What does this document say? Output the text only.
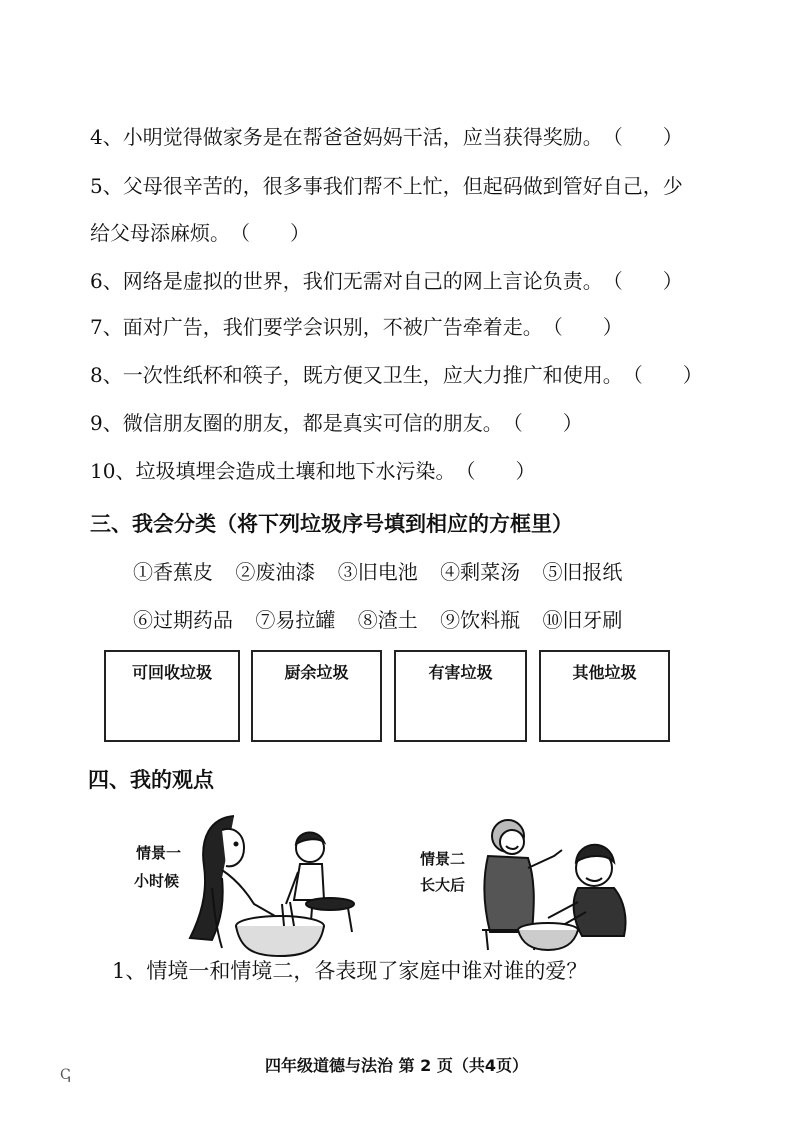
4、小明觉得做家务是在帮爸爸妈妈干活，应当获得奖励。（　　）
5、父母很辛苦的，很多事我们帮不上忙，但起码做到管好自己，少
给父母添麻烦。（　　）
6、网络是虚拟的世界，我们无需对自己的网上言论负责。（　　）
7、面对广告，我们要学会识别，不被广告牵着走。（　　）
8、一次性纸杯和筷子，既方便又卫生，应大力推广和使用。（　　）
9、微信朋友圈的朋友，都是真实可信的朋友。（　　）
10、垃圾填埋会造成土壤和地下水污染。（　　）
三、我会分类（将下列垃圾序号填到相应的方框里）
①香蕉皮 ②废油漆 ③旧电池 ④剩菜汤 ⑤旧报纸
⑥过期药品 ⑦易拉罐 ⑧渣土 ⑨饮料瓶 ⑩旧牙刷
可回收垃圾	厨余垃圾	有害垃圾	其他垃圾
四、我的观点
情景一
小时候
情景二
长大后
1、情境一和情境二，各表现了家庭中谁对谁的爱？
四年级道德与法治 第 2 页（共4页）
ↅ
